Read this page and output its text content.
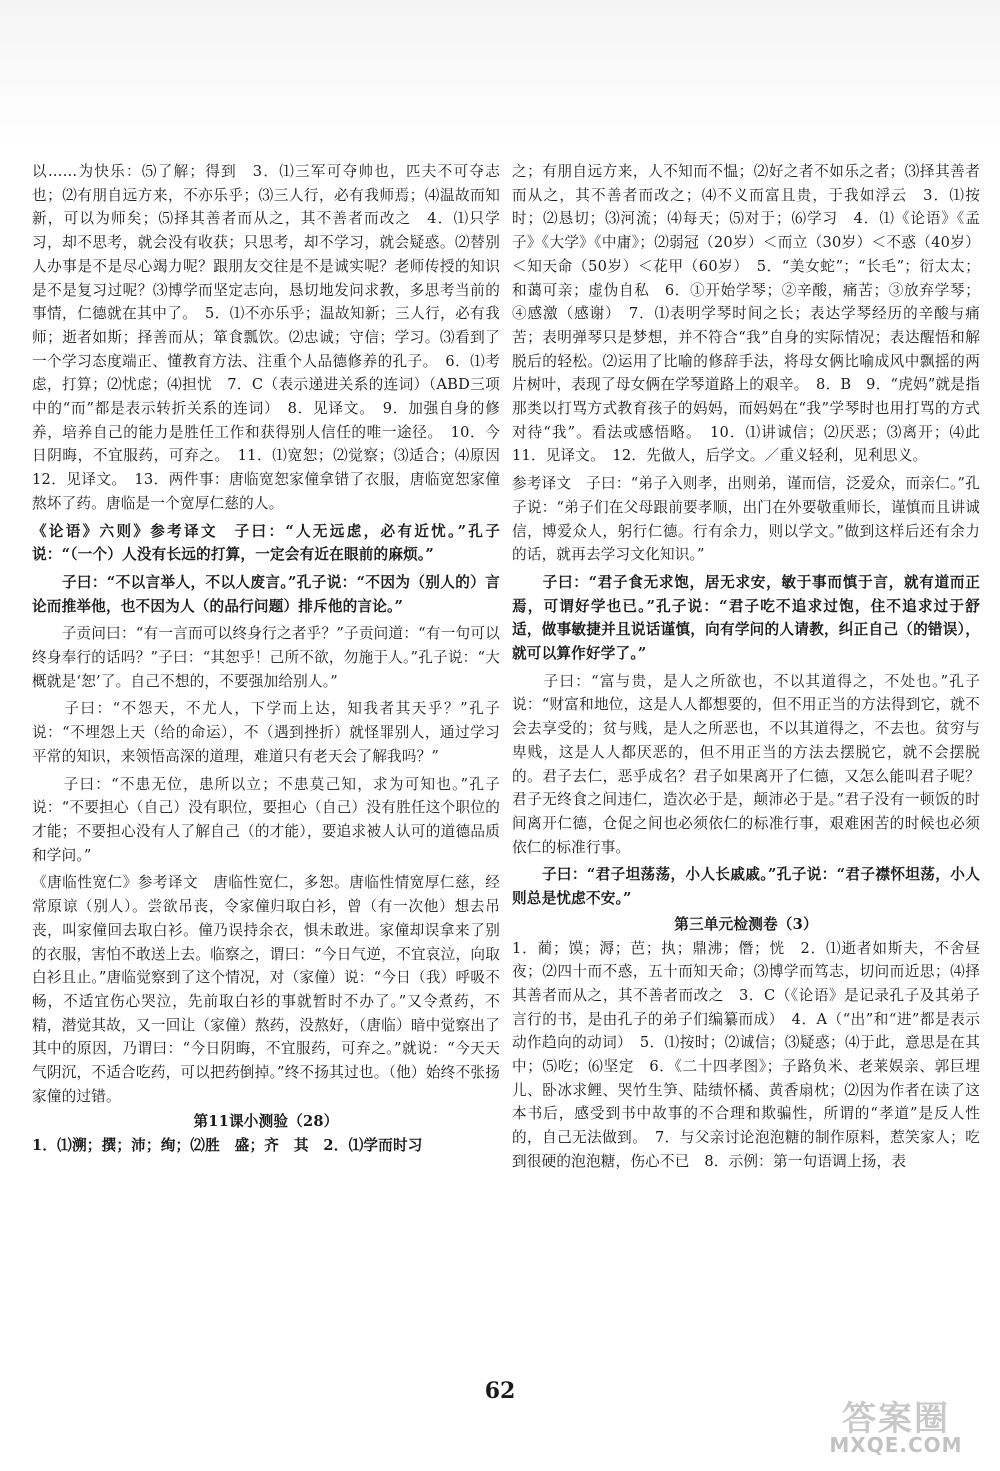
以……为快乐：⑸了解；得到　3．⑴三军可夺帅也，匹夫不可夺志也；⑵有朋自远方来，不亦乐乎；⑶三人行，必有我师焉；⑷温故而知新，可以为师矣；⑸择其善者而从之，其不善者而改之　4．⑴只学习，却不思考，就会没有收获；只思考，却不学习，就会疑惑。⑵替别人办事是不是尽心竭力呢？跟朋友交往是不是诚实呢？老师传授的知识是不是复习过呢？⑶博学而坚定志向，恳切地发问求教，多思考当前的事情，仁德就在其中了。　5．⑴不亦乐乎；温故知新；三人行，必有我师；逝者如斯；择善而从；箪食瓢饮。⑵忠诚；守信；学习。⑶看到了一个学习态度端正、懂教育方法、注重个人品德修养的孔子。　6．⑴考虑，打算；⑵忧虑；⑷担忧　7．C（表示递进关系的连词）（ABD三项中的“而”都是表示转折关系的连词）　8．见译文。　9．加强自身的修养，培养自己的能力是胜任工作和获得别人信任的唯一途径。　10．今日阴晦，不宜服药，可弃之。　11．⑴宽恕；⑵觉察；⑶适合；⑷原因　12．见译文。　13．两件事：唐临宽恕家僮拿错了衣服，唐临宽恕家僮熬坏了药。唐临是一个宽厚仁慈的人。

《论语》六则》参考译文　子曰：“人无远虑，必有近忧。”孔子说：“（一个）人没有长远的打算，一定会有近在眼前的麻烦。”

　　子曰：“不以言举人，不以人废言。”孔子说：“不因为（别人的）言论而推举他，也不因为人（的品行问题）排斥他的言论。”

　　子贡问曰：“有一言而可以终身行之者乎？”子贡问道：“有一句可以终身奉行的话吗？”子曰：“其恕乎！己所不欲，勿施于人。”孔子说：“大概就是‘恕’了。自己不想的，不要强加给别人。”

　　子曰：“不怨天，不尤人，下学而上达，知我者其天乎？”孔子说：“不埋怨上天（给的命运），不（遇到挫折）就怪罪别人，通过学习平常的知识，来领悟高深的道理，难道只有老天会了解我吗？”

　　子曰：“不患无位，患所以立；不患莫己知，求为可知也。”孔子说：“不要担心（自己）没有职位，要担心（自己）没有胜任这个职位的才能；不要担心没有人了解自己（的才能），要追求被人认可的道德品质和学问。”

《唐临性宽仁》参考译文　唐临性宽仁，多恕。唐临性情宽厚仁慈，经常原谅（别人）。尝欲吊丧，令家僮归取白衫，曾（有一次他）想去吊丧，叫家僮回去取白衫。僮乃误持余衣，惧未敢进。家僮却误拿来了别的衣服，害怕不敢送上去。临察之，谓曰：“今日气逆，不宜哀泣，向取白衫且止。”唐临觉察到了这个情况，对（家僮）说：“今日（我）呼吸不畅，不适宜伤心哭泣，先前取白衫的事就暂时不办了。”又令煮药，不精，潜觉其故，又一回让（家僮）熬药，没熬好，（唐临）暗中觉察出了其中的原因，乃谓曰：“今日阴晦，不宜服药，可弃之。”就说：“今天天气阴沉，不适合吃药，可以把药倒掉。”终不扬其过也。（他）始终不张扬家僮的过错。

第11课小测验（28）

1．⑴溯；撰；沛；绚；⑵胜　盛；齐　其　2．⑴学而时习

之；有朋自远方来，人不知而不愠；⑵好之者不如乐之者；⑶择其善者而从之，其不善者而改之；⑷不义而富且贵，于我如浮云　3．⑴按时；⑵恳切；⑶河流；⑷每天；⑸对于；⑹学习　4．⑴《论语》《孟子》《大学》《中庸》；⑵弱冠（20岁）＜而立（30岁）＜不惑（40岁）＜知天命（50岁）＜花甲（60岁）　5．“美女蛇”；“长毛”；衍太太；和蔼可亲；虚伪自私　6．①开始学琴；②辛酸，痛苦；③放弃学琴；④感激（感谢）　7．⑴表明学琴时间之长；表达学琴经历的辛酸与痛苦；表明弹琴只是梦想，并不符合“我”自身的实际情况；表达醒悟和解脱后的轻松。⑵运用了比喻的修辞手法，将母女俩比喻成风中飘摇的两片树叶，表现了母女俩在学琴道路上的艰辛。　8．B　9．“虎妈”就是指那类以打骂方式教育孩子的妈妈，而妈妈在“我”学琴时也用打骂的方式对待“我”。看法或感悟略。　10．⑴讲诚信；⑵厌恶；⑶离开；⑷此　11．见译文。　12．先做人，后学文。／重义轻利，见利思义。

参考译文　子曰：“弟子入则孝，出则弟，谨而信，泛爱众，而亲仁。”孔子说：“弟子们在父母跟前要孝顺，出门在外要敬重师长，谨慎而且讲诚信，博爱众人，躬行仁德。行有余力，则以学文。”做到这样后还有余力的话，就再去学习文化知识。”

　　子曰：“君子食无求饱，居无求安，敏于事而慎于言，就有道而正焉，可谓好学也已。”孔子说：“君子吃不追求过饱，住不追求过于舒适，做事敏捷并且说话谨慎，向有学问的人请教，纠正自己（的错误），就可以算作好学了。”

　　子曰：“富与贵，是人之所欲也，不以其道得之，不处也。”孔子说：“财富和地位，这是人人都想要的，但不用正当的方法得到它，就不会去享受的；贫与贱，是人之所恶也，不以其道得之，不去也。贫穷与卑贱，这是人人都厌恶的，但不用正当的方法去摆脱它，就不会摆脱的。君子去仁，恶乎成名？君子如果离开了仁德，又怎么能叫君子呢？君子无终食之间违仁，造次必于是，颠沛必于是。”君子没有一顿饭的时间离开仁德，仓促之间也必须依仁的标准行事，艰难困苦的时候也必须依仁的标准行事。

　　子曰：“君子坦荡荡，小人长戚戚。”孔子说：“君子襟怀坦荡，小人则总是忧虑不安。”

第三单元检测卷（3）

1．蔺；馍；溽；芭；执；鼎沸；僭；恍　2．⑴逝者如斯夫，不舍昼夜；⑵四十而不惑，五十而知天命；⑶博学而笃志，切问而近思；⑷择其善者而从之，其不善者而改之　3．C（《论语》是记录孔子及其弟子言行的书，是由孔子的弟子们编纂而成）　4．A（“出”和“进”都是表示动作趋向的动词）　5．⑴按时；⑵诚信；⑶疑惑；⑷于此，意思是在其中；⑸吃；⑹坚定　6．《二十四孝图》；子路负米、老莱娱亲、郭巨埋儿、卧冰求鲤、哭竹生笋、陆绩怀橘、黄香扇枕；⑵因为作者在读了这本书后，感受到书中故事的不合理和欺骗性，所谓的“孝道”是反人性的，自己无法做到。　7．与父亲讨论泡泡糖的制作原料，惹笑家人；吃到很硬的泡泡糖，伤心不已　8．示例：第一句语调上扬，表

62
答案圈
MXQE.COM
